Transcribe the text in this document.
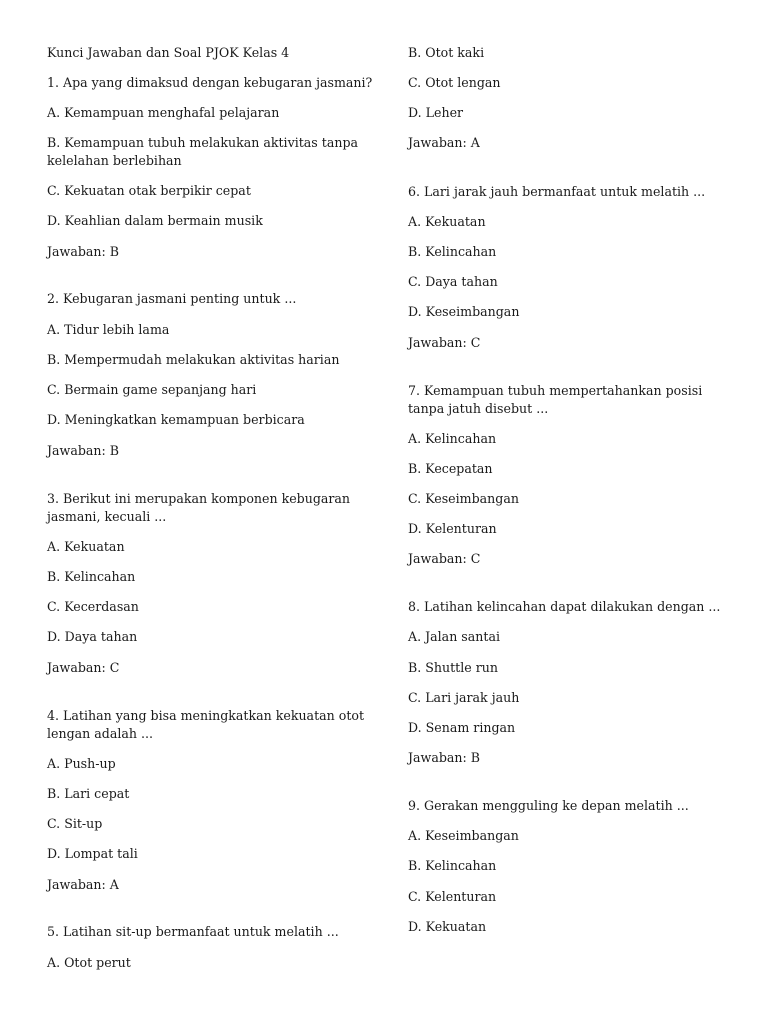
Kunci Jawaban dan Soal PJOK Kelas 4
1. Apa yang dimaksud dengan kebugaran jasmani?
A. Kemampuan menghafal pelajaran
B. Kemampuan tubuh melakukan aktivitas tanpa
kelelahan berlebihan
C. Kekuatan otak berpikir cepat
D. Keahlian dalam bermain musik
Jawaban: B
2. Kebugaran jasmani penting untuk ...
A. Tidur lebih lama
B. Mempermudah melakukan aktivitas harian
C. Bermain game sepanjang hari
D. Meningkatkan kemampuan berbicara
Jawaban: B
3. Berikut ini merupakan komponen kebugaran
jasmani, kecuali ...
A. Kekuatan
B. Kelincahan
C. Kecerdasan
D. Daya tahan
Jawaban: C
4. Latihan yang bisa meningkatkan kekuatan otot
lengan adalah ...
A. Push-up
B. Lari cepat
C. Sit-up
D. Lompat tali
Jawaban: A
5. Latihan sit-up bermanfaat untuk melatih ...
A. Otot perut
B. Otot kaki
C. Otot lengan
D. Leher
Jawaban: A
6. Lari jarak jauh bermanfaat untuk melatih ...
A. Kekuatan
B. Kelincahan
C. Daya tahan
D. Keseimbangan
Jawaban: C
7. Kemampuan tubuh mempertahankan posisi
tanpa jatuh disebut ...
A. Kelincahan
B. Kecepatan
C. Keseimbangan
D. Kelenturan
Jawaban: C
8. Latihan kelincahan dapat dilakukan dengan ...
A. Jalan santai
B. Shuttle run
C. Lari jarak jauh
D. Senam ringan
Jawaban: B
9. Gerakan mengguling ke depan melatih ...
A. Keseimbangan
B. Kelincahan
C. Kelenturan
D. Kekuatan
